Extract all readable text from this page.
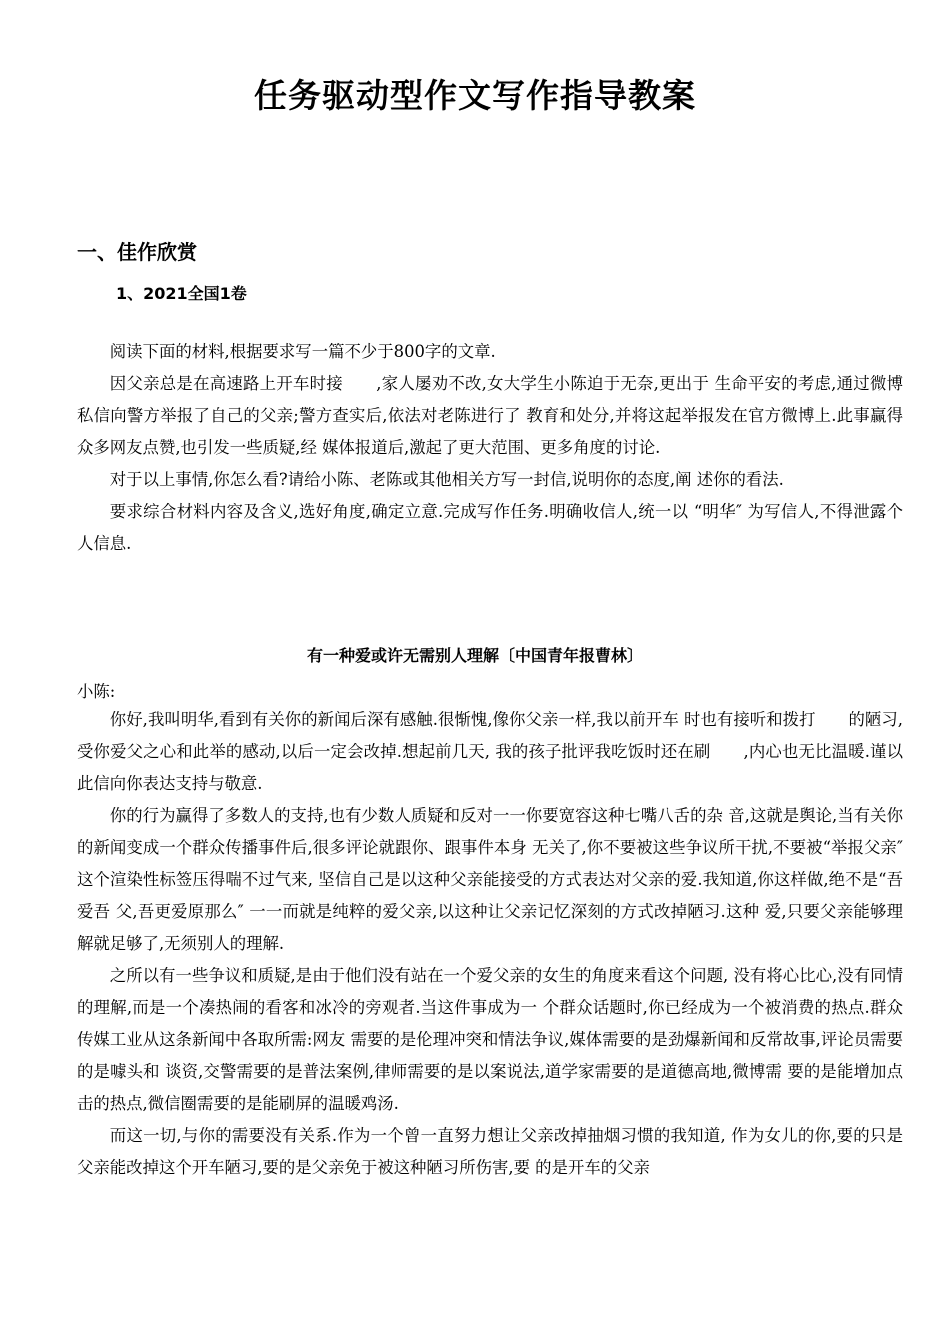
任务驱动型作文写作指导教案
一、佳作欣赏
1、2021全国1卷

阅读下面的材料,根据要求写一篇不少于800字的文章.

因父亲总是在高速路上开车时接　　,家人屡劝不改,女大学生小陈迫于无奈,更出于 生命平安的考虑,通过微博私信向警方举报了自己的父亲;警方查实后,依法对老陈进行了 教育和处分,并将这起举报发在官方微博上.此事赢得众多网友点赞,也引发一些质疑,经 媒体报道后,激起了更大范围、更多角度的讨论.

对于以上事情,你怎么看?请给小陈、老陈或其他相关方写一封信,说明你的态度,阐 述你的看法.

要求综合材料内容及含义,选好角度,确定立意.完成写作任务.明确收信人,统一以 “明华″ 为写信人,不得泄露个人信息.

有一种爱或许无需别人理解〔中国青年报曹林〕
小陈:

你好,我叫明华,看到有关你的新闻后深有感触.很惭愧,像你父亲一样,我以前开车 时也有接听和拨打　　的陋习,受你爱父之心和此举的感动,以后一定会改掉.想起前几天, 我的孩子批评我吃饭时还在刷　　,内心也无比温暖.谨以此信向你表达支持与敬意.

你的行为赢得了多数人的支持,也有少数人质疑和反对一一你要宽容这种七嘴八舌的杂 音,这就是舆论,当有关你的新闻变成一个群众传播事件后,很多评论就跟你、跟事件本身 无关了,你不要被这些争议所干扰,不要被“举报父亲″ 这个渲染性标签压得喘不过气来, 坚信自己是以这种父亲能接受的方式表达对父亲的爱.我知道,你这样做,绝不是“吾爱吾 父,吾更爱原那么″ 一一而就是纯粹的爱父亲,以这种让父亲记忆深刻的方式改掉陋习.这种 爱,只要父亲能够理解就足够了,无须别人的理解.

之所以有一些争议和质疑,是由于他们没有站在一个爱父亲的女生的角度来看这个问题, 没有将心比心,没有同情的理解,而是一个凑热闹的看客和冰冷的旁观者.当这件事成为一 个群众话题时,你已经成为一个被消费的热点.群众传媒工业从这条新闻中各取所需:网友 需要的是伦理冲突和情法争议,媒体需要的是劲爆新闻和反常故事,评论员需要的是噱头和 谈资,交警需要的是普法案例,律师需要的是以案说法,道学家需要的是道德高地,微博需 要的是能增加点击的热点,微信圈需要的是能刷屏的温暖鸡汤.

而这一切,与你的需要没有关系.作为一个曾一直努力想让父亲改掉抽烟习惯的我知道, 作为女儿的你,要的只是父亲能改掉这个开车陋习,要的是父亲免于被这种陋习所伤害,要 的是开车的父亲
